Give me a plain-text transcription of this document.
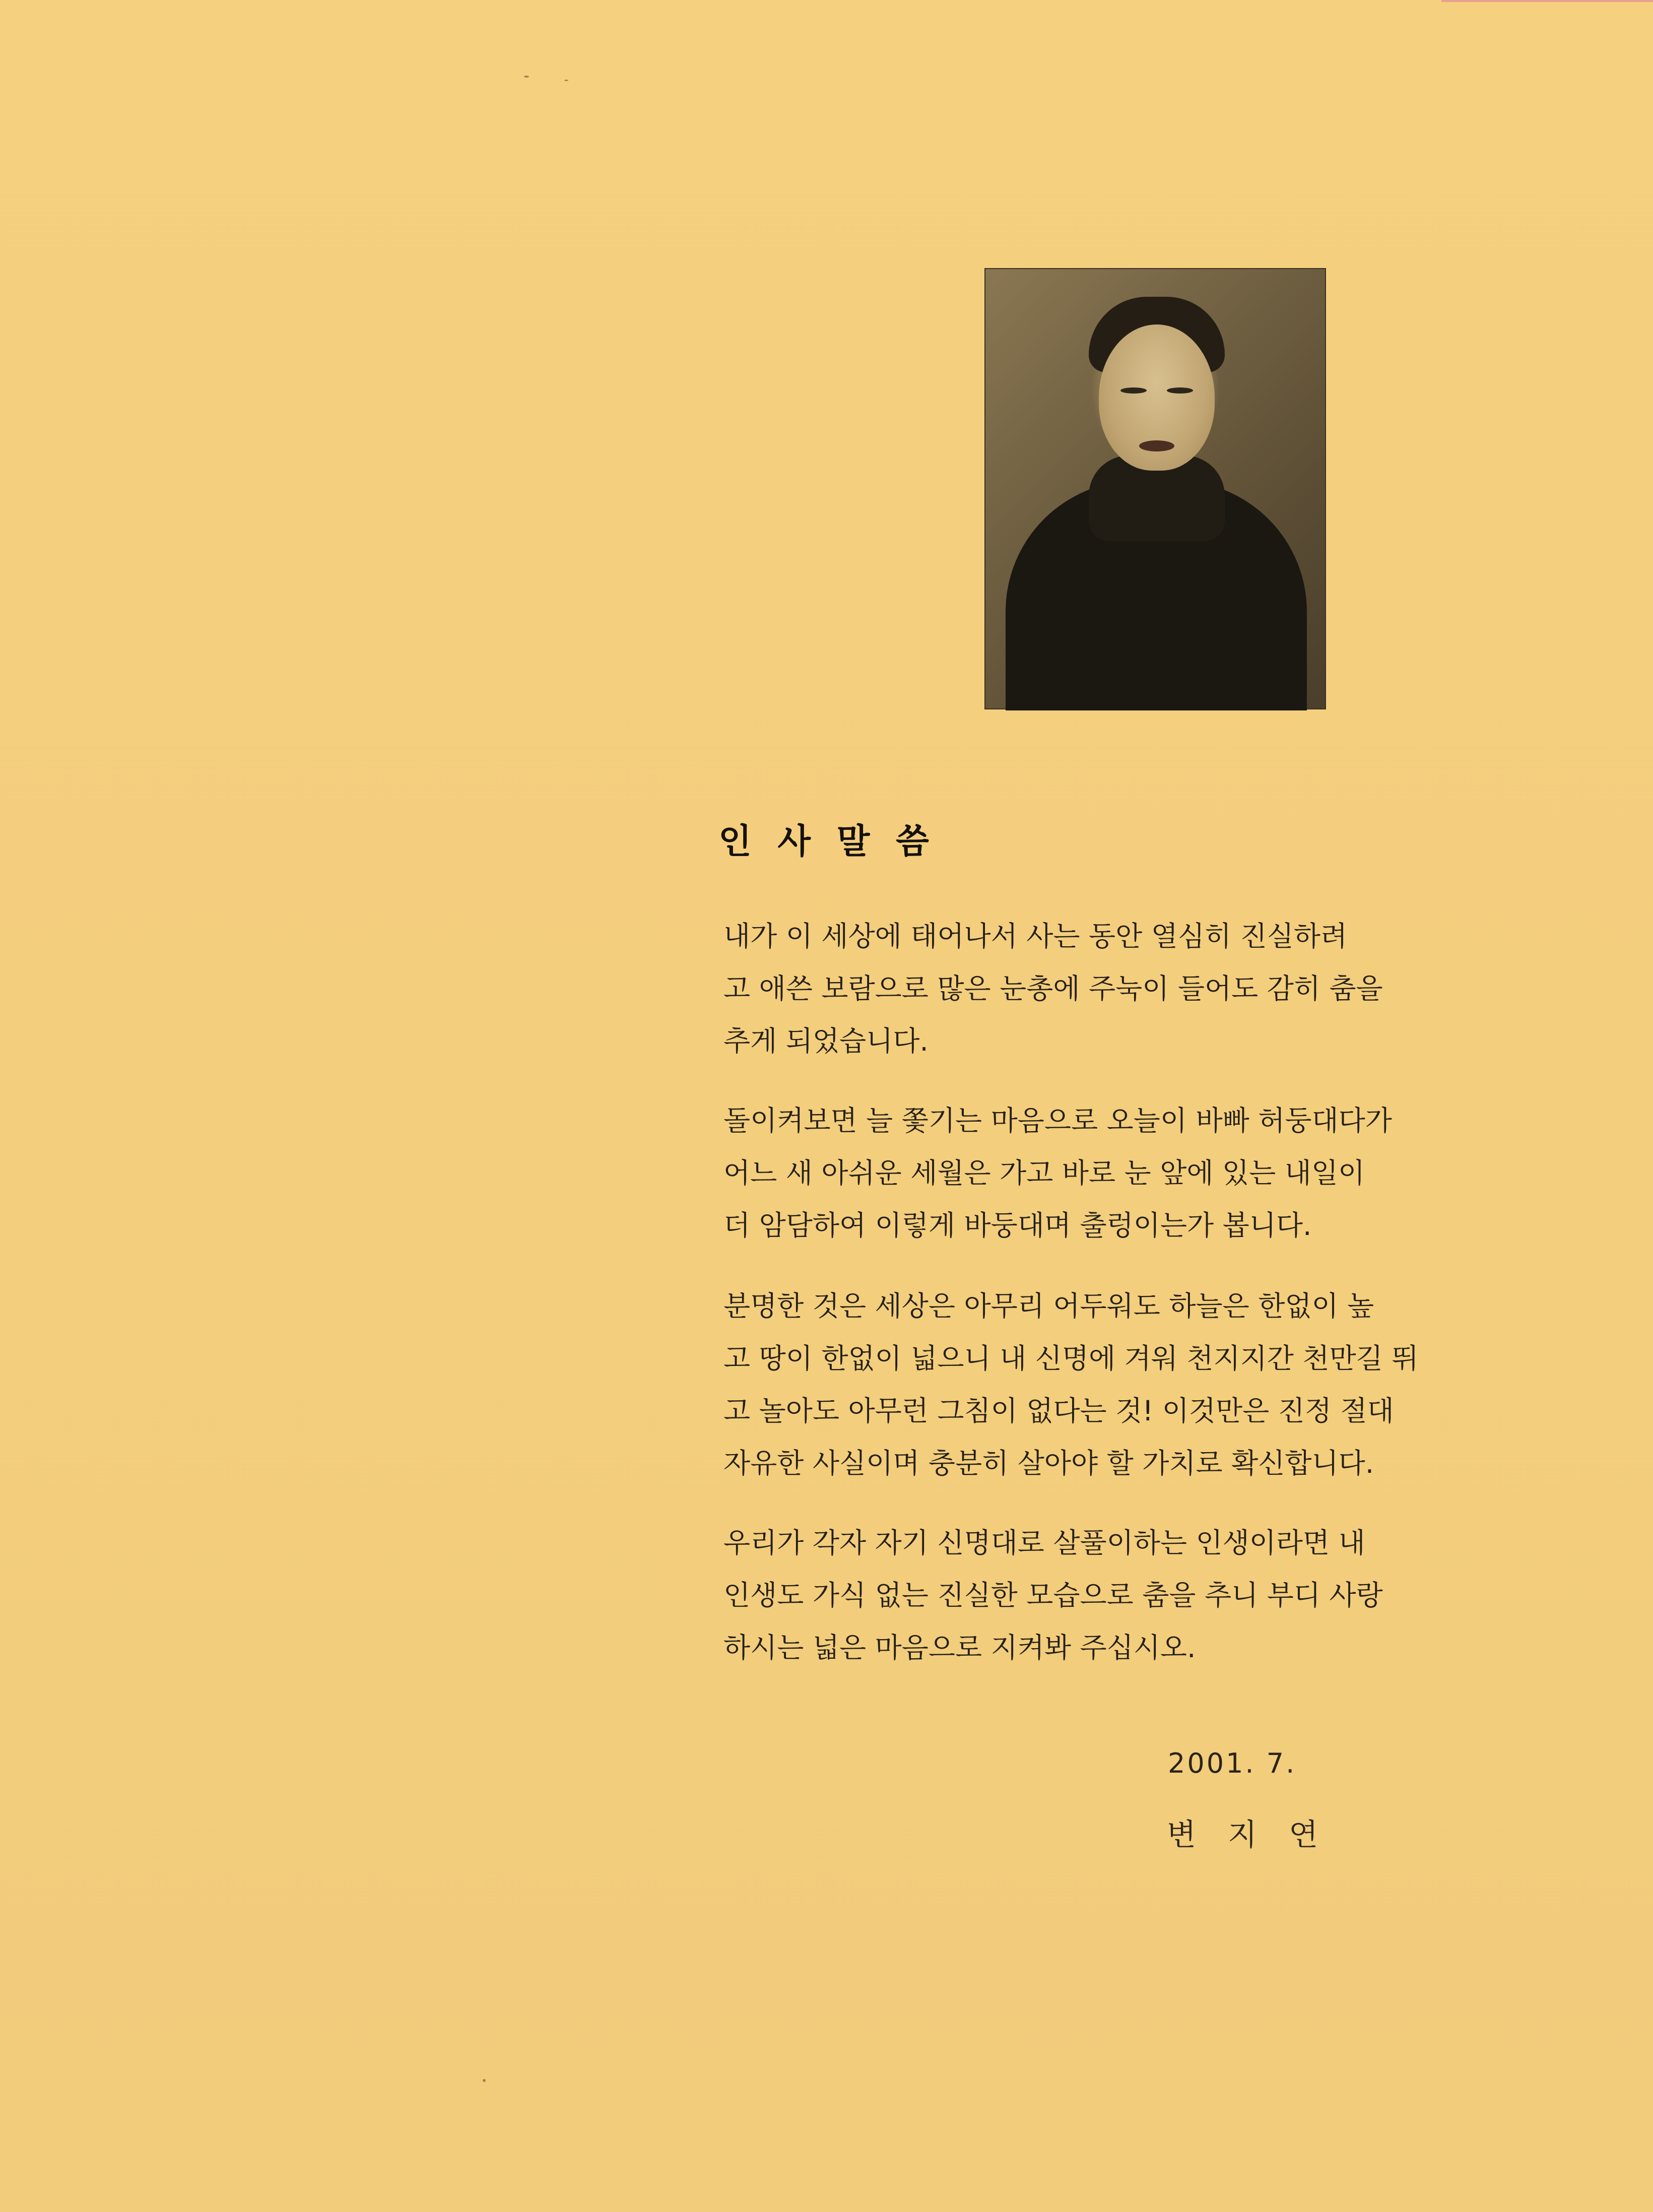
인 사 말 씀
내가 이 세상에 태어나서 사는 동안 열심히 진실하려
고 애쓴 보람으로 많은 눈총에 주눅이 들어도 감히 춤을
추게 되었습니다.
돌이켜보면 늘 쫓기는 마음으로 오늘이 바빠 허둥대다가
어느 새 아쉬운 세월은 가고 바로 눈 앞에 있는 내일이
더 암담하여 이렇게 바둥대며 출렁이는가 봅니다.
분명한 것은 세상은 아무리 어두워도 하늘은 한없이 높
고 땅이 한없이 넓으니 내 신명에 겨워 천지지간 천만길 뛰
고 놀아도 아무런 그침이 없다는 것! 이것만은 진정 절대
자유한 사실이며 충분히 살아야 할 가치로 확신합니다.
우리가 각자 자기 신명대로 살풀이하는 인생이라면 내
인생도 가식 없는 진실한 모습으로 춤을 추니 부디 사랑
하시는 넓은 마음으로 지켜봐 주십시오.
2001. 7.
변 지 연
